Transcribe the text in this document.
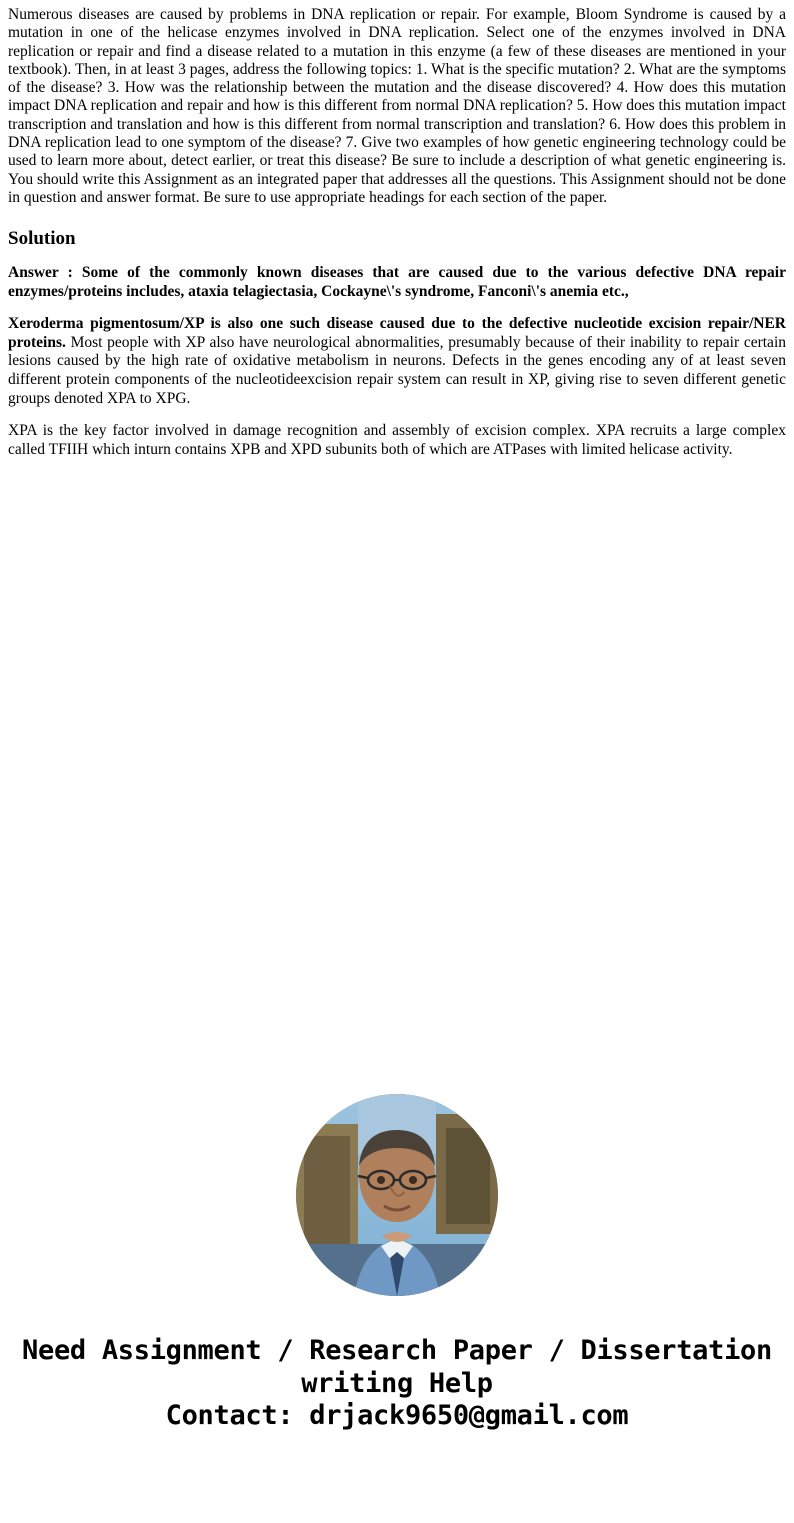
Numerous diseases are caused by problems in DNA replication or repair. For example, Bloom Syndrome is caused by a mutation in one of the helicase enzymes involved in DNA replication. Select one of the enzymes involved in DNA replication or repair and find a disease related to a mutation in this enzyme (a few of these diseases are mentioned in your textbook). Then, in at least 3 pages, address the following topics: 1. What is the specific mutation? 2. What are the symptoms of the disease? 3. How was the relationship between the mutation and the disease discovered? 4. How does this mutation impact DNA replication and repair and how is this different from normal DNA replication? 5. How does this mutation impact transcription and translation and how is this different from normal transcription and translation? 6. How does this problem in DNA replication lead to one symptom of the disease? 7. Give two examples of how genetic engineering technology could be used to learn more about, detect earlier, or treat this disease? Be sure to include a description of what genetic engineering is. You should write this Assignment as an integrated paper that addresses all the questions. This Assignment should not be done in question and answer format. Be sure to use appropriate headings for each section of the paper.

Solution

Answer : Some of the commonly known diseases that are caused due to the various defective DNA repair enzymes/proteins includes, ataxia telagiectasia, Cockayne\'s syndrome, Fanconi\'s anemia etc.,

Xeroderma pigmentosum/XP is also one such disease caused due to the defective nucleotide excision repair/NER proteins. Most people with XP also have neurological abnormalities, presumably because of their inability to repair certain lesions caused by the high rate of oxidative metabolism in neurons. Defects in the genes encoding any of at least seven different protein components of the nucleotideexcision repair system can result in XP, giving rise to seven different genetic groups denoted XPA to XPG.

XPA is the key factor involved in damage recognition and assembly of excision complex. XPA recruits a large complex called TFIIH which inturn contains XPB and XPD subunits both of which are ATPases with limited helicase activity.

Need Assignment / Research Paper / Dissertation
writing Help
Contact: drjack9650@gmail.com
